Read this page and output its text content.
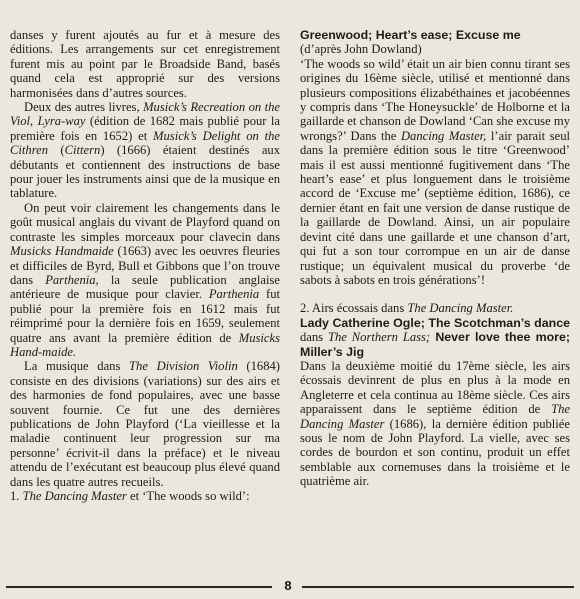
danses y furent ajoutés au fur et à mesure des éditions. Les arrangements sur cet enregistrement furent mis au point par le Broadside Band, basés quand cela est approprié sur des versions harmonisées dans d’autres sources.

Deux des autres livres, Musick’s Recreation on the Viol, Lyra-way (édition de 1682 mais publié pour la première fois en 1652) et Musick’s Delight on the Cithren (Cittern) (1666) étaient destinés aux débutants et contiennent des instructions de base pour jouer les instruments ainsi que de la musique en tablature.

On peut voir clairement les changements dans le goût musical anglais du vivant de Playford quand on contraste les simples morceaux pour clavecin dans Musicks Handmaide (1663) avec les oeuvres fleuries et difficiles de Byrd, Bull et Gibbons que l’on trouve dans Parthenia, la seule publication anglaise antérieure de musique pour clavier. Parthenia fut publié pour la première fois en 1612 mais fut réimprimé pour la dernière fois en 1659, seulement quatre ans avant la première édition de Musicks Hand-maide.

La musique dans The Division Violin (1684) consiste en des divisions (variations) sur des airs et des harmonies de fond populaires, avec une basse souvent fournie. Ce fut une des dernières publications de John Playford (‘La vieillesse et la maladie continuent leur progression sur ma personne’ écrivit-il dans la préface) et le niveau attendu de l’exécutant est beaucoup plus élevé quand dans les quatre autres recueils.

1. The Dancing Master et ‘The woods so wild’:

Greenwood; Heart’s ease; Excuse me

(d’après John Dowland)

‘The woods so wild’ était un air bien connu tirant ses origines du 16ème siècle, utilisé et mentionné dans plusieurs compositions élizabéthaines et jacobéennes y compris dans ‘The Honeysuckle’ de Holborne et la gaillarde et chanson de Dowland ‘Can she excuse my wrongs?’ Dans the Dancing Master, l’air parait seul dans la première édition sous le titre ‘Greenwood’ mais il est aussi mentionné fugitivement dans ‘The heart’s ease’ et plus longuement dans le troisième accord de ‘Excuse me’ (septième édition, 1686), ce dernier étant en fait une version de danse rustique de la gaillarde de Dowland. Ainsi, un air populaire devint cité dans une gaillarde et une chanson d’art, qui fut a son tour corrompue en un air de danse rustique; un équivalent musical du proverbe ‘de sabots à sabots en trois générations’!

2. Airs écossais dans The Dancing Master.

Lady Catherine Ogle; The Scotchman’s dance dans The Northern Lass; Never love thee more; Miller’s Jig

Dans la deuxième moitié du 17ème siècle, les airs écossais devinrent de plus en plus à la mode en Angleterre et cela continua au 18ème siècle. Ces airs apparaissent dans le septième édition de The Dancing Master (1686), la dernière édition publiée sous le nom de John Playford. La vielle, avec ses cordes de bourdon et son continu, produit un effet semblable aux cornemuses dans la troisième et le quatrième air.

8
